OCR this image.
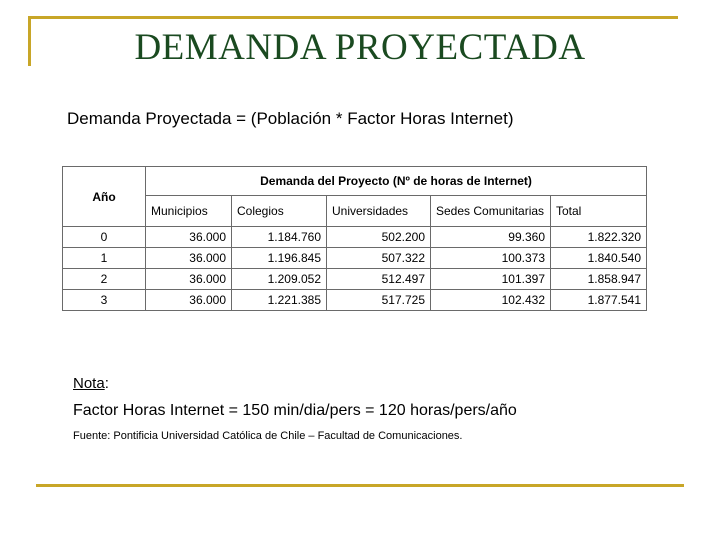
DEMANDA PROYECTADA
Demanda Proyectada = (Población * Factor Horas Internet)
Año	Demanda del Proyecto (Nº de horas de Internet)				
	Municipios	Colegios	Universidades	Sedes Comunitarias	Total
0	36.000	1.184.760	502.200	99.360	1.822.320
1	36.000	1.196.845	507.322	100.373	1.840.540
2	36.000	1.209.052	512.497	101.397	1.858.947
3	36.000	1.221.385	517.725	102.432	1.877.541
Nota:
Factor Horas Internet = 150 min/dia/pers = 120 horas/pers/año
Fuente: Pontificia Universidad Católica de Chile – Facultad de Comunicaciones.
